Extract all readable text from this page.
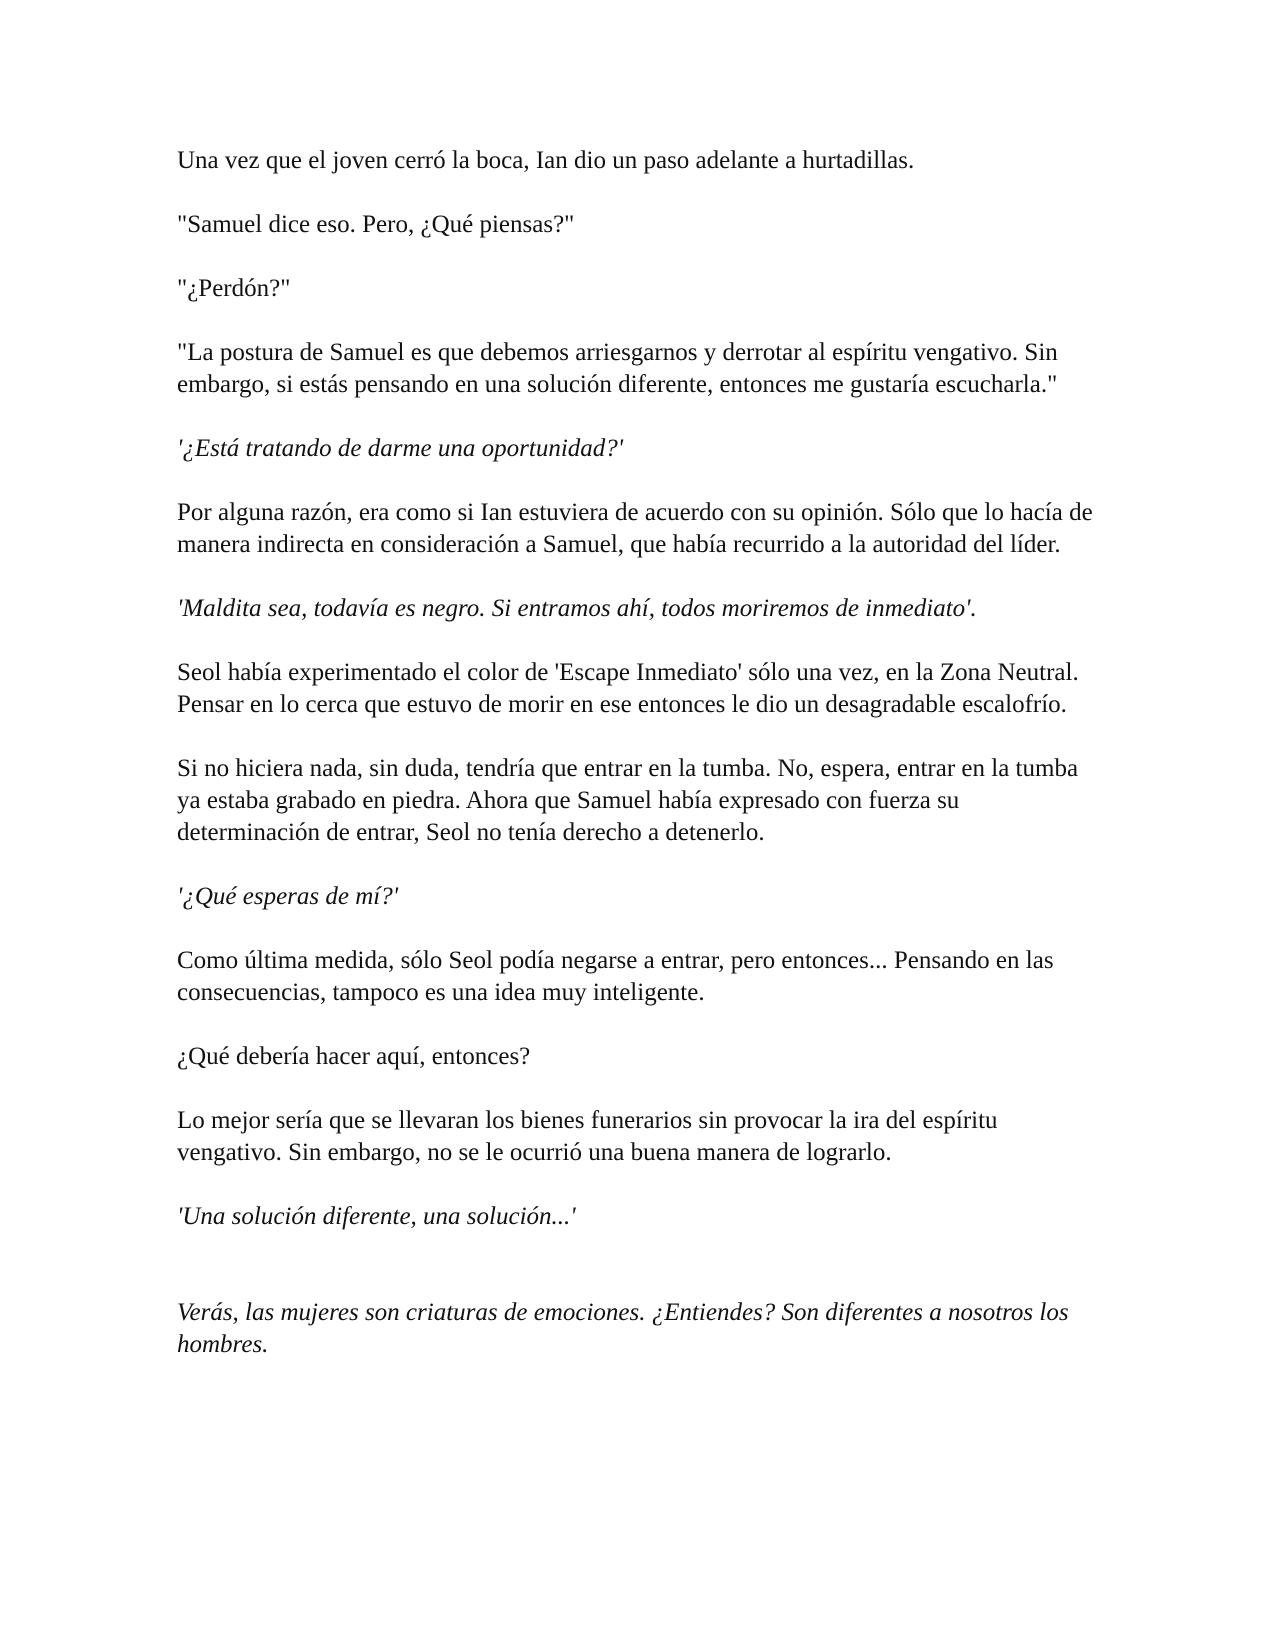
Una vez que el joven cerró la boca, Ian dio un paso adelante a hurtadillas.

"Samuel dice eso. Pero, ¿Qué piensas?"

"¿Perdón?"

"La postura de Samuel es que debemos arriesgarnos y derrotar al espíritu vengativo. Sin embargo, si estás pensando en una solución diferente, entonces me gustaría escucharla."

'¿Está tratando de darme una oportunidad?'

Por alguna razón, era como si Ian estuviera de acuerdo con su opinión. Sólo que lo hacía de manera indirecta en consideración a Samuel, que había recurrido a la autoridad del líder.

'Maldita sea, todavía es negro. Si entramos ahí, todos moriremos de inmediato'.

Seol había experimentado el color de 'Escape Inmediato' sólo una vez, en la Zona Neutral. Pensar en lo cerca que estuvo de morir en ese entonces le dio un desagradable escalofrío.

Si no hiciera nada, sin duda, tendría que entrar en la tumba. No, espera, entrar en la tumba ya estaba grabado en piedra. Ahora que Samuel había expresado con fuerza su determinación de entrar, Seol no tenía derecho a detenerlo.

'¿Qué esperas de mí?'

Como última medida, sólo Seol podía negarse a entrar, pero entonces... Pensando en las consecuencias, tampoco es una idea muy inteligente.

¿Qué debería hacer aquí, entonces?

Lo mejor sería que se llevaran los bienes funerarios sin provocar la ira del espíritu vengativo. Sin embargo, no se le ocurrió una buena manera de lograrlo.

'Una solución diferente, una solución...'

Verás, las mujeres son criaturas de emociones. ¿Entiendes? Son diferentes a nosotros los hombres.
